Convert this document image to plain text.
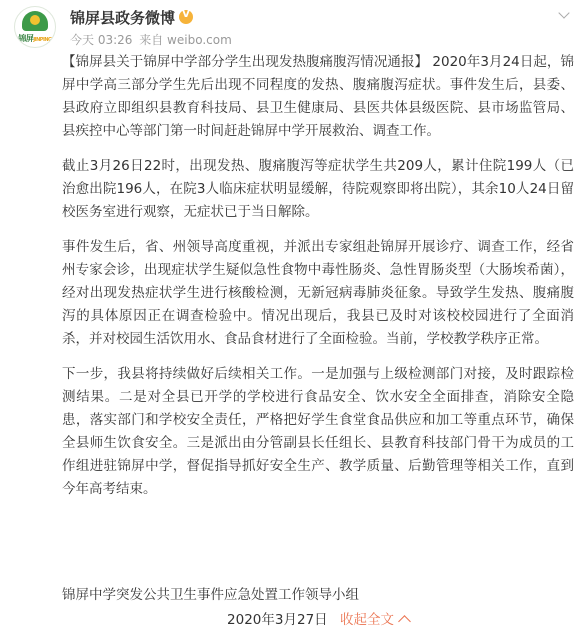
锦屏JINPING
锦屏县政务微博
V
今天 03:26 来自 weibo.com

【锦屏县关于锦屏中学部分学生出现发热腹痛腹泻情况通报】 2020年3月24日起，锦屏中学高三部分学生先后出现不同程度的发热、腹痛腹泻症状。事件发生后，县委、县政府立即组织县教育科技局、县卫生健康局、县医共体县级医院、县市场监管局、县疾控中心等部门第一时间赶赴锦屏中学开展救治、调查工作。

截止3月26日22时，出现发热、腹痛腹泻等症状学生共209人，累计住院199人（已治愈出院196人，在院3人临床症状明显缓解，待院观察即将出院），其余10人24日留校医务室进行观察，无症状已于当日解除。

事件发生后，省、州领导高度重视，并派出专家组赴锦屏开展诊疗、调查工作，经省州专家会诊，出现症状学生疑似急性食物中毒性肠炎、急性胃肠炎型（大肠埃希菌），经对出现发热症状学生进行核酸检测，无新冠病毒肺炎征象。导致学生发热、腹痛腹泻的具体原因正在调查检验中。情况出现后，我县已及时对该校校园进行了全面消杀，并对校园生活饮用水、食品食材进行了全面检验。当前，学校教学秩序正常。

下一步，我县将持续做好后续相关工作。一是加强与上级检测部门对接，及时跟踪检测结果。二是对全县已开学的学校进行食品安全、饮水安全全面排查，消除安全隐患，落实部门和学校安全责任，严格把好学生食堂食品供应和加工等重点环节，确保全县师生饮食安全。三是派出由分管副县长任组长、县教育科技部门骨干为成员的工作组进驻锦屏中学，督促指导抓好安全生产、教学质量、后勤管理等相关工作，直到今年高考结束。

锦屏中学突发公共卫生事件应急处置工作领导小组
2020年3月27日 收起全文
